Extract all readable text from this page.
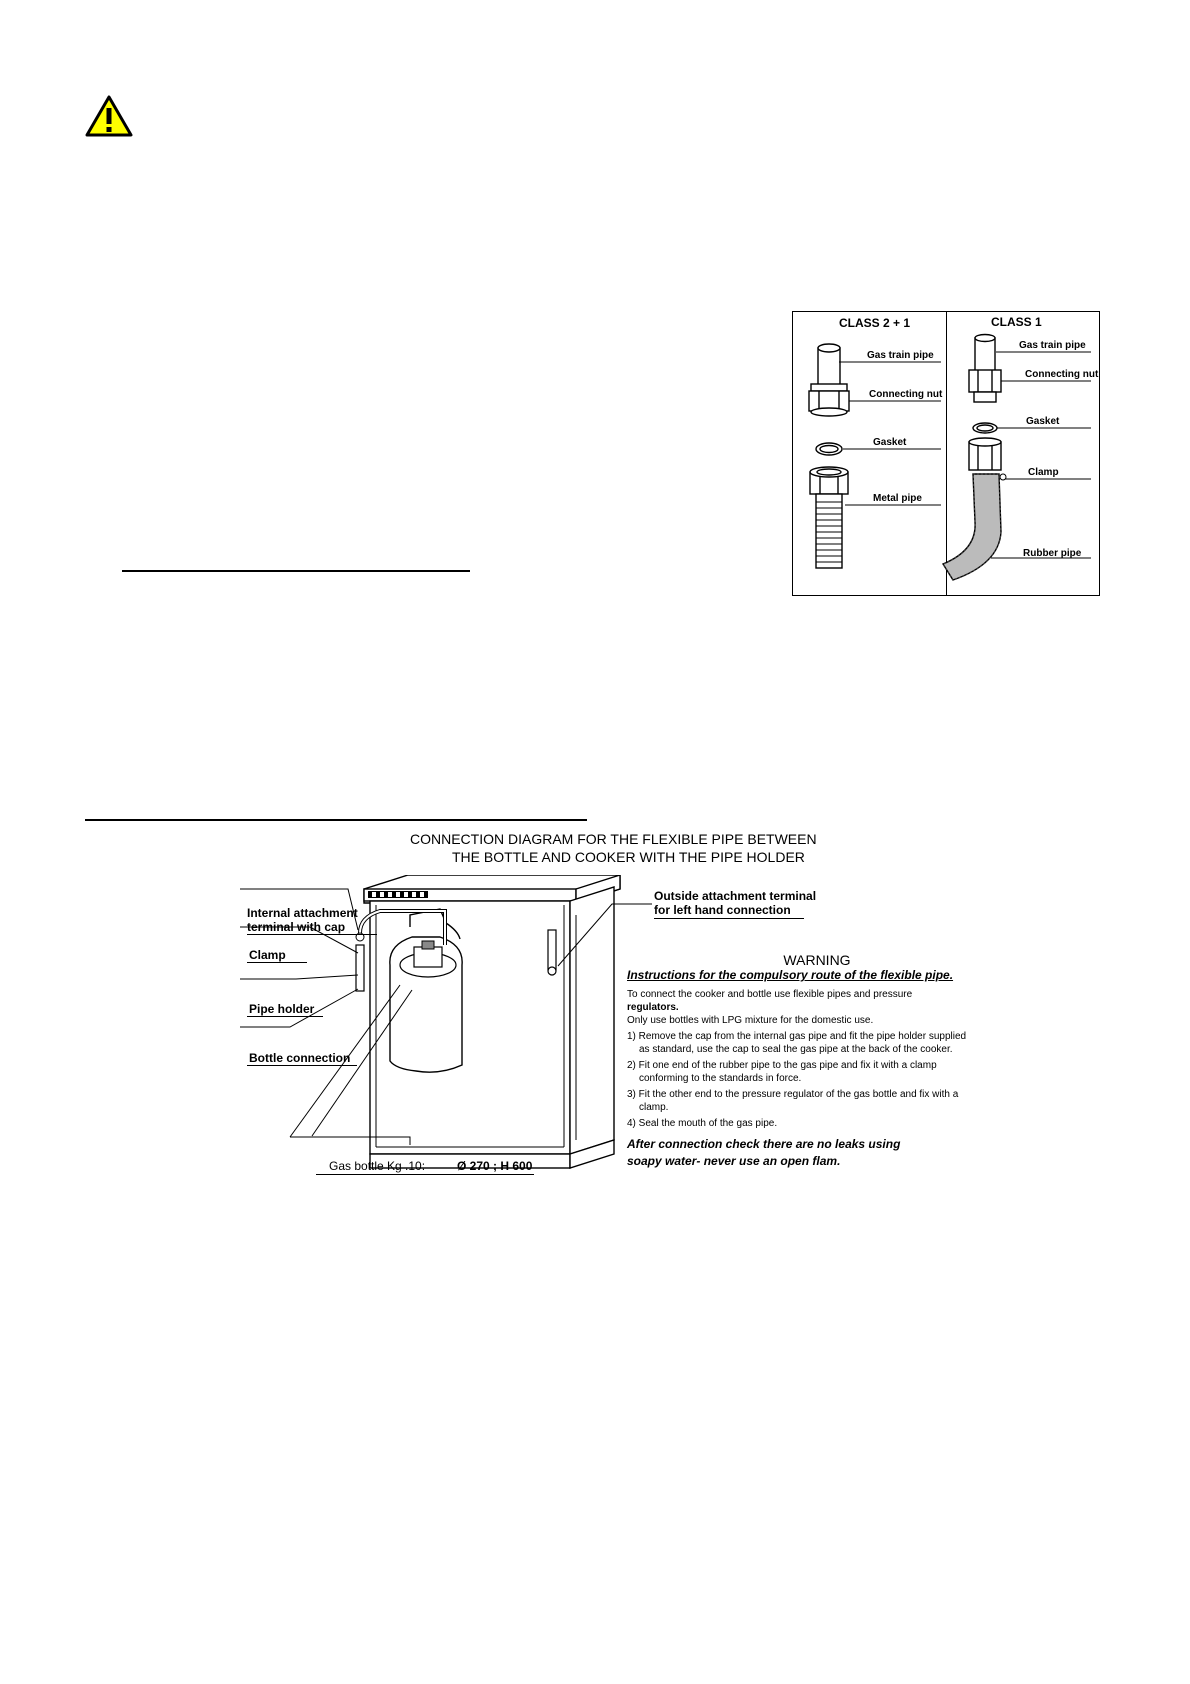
CLASS 2 + 1
Gas train pipe
Connecting nut
Gasket
Metal pipe
CLASS 1
Gas train pipe
Connecting nut
Gasket
Clamp
Rubber pipe
CONNECTION DIAGRAM FOR THE FLEXIBLE PIPE BETWEEN
THE BOTTLE AND COOKER WITH THE PIPE HOLDER
Internal attachment
terminal with cap
Clamp
Pipe holder
Bottle connection
Outside attachment terminal
for left hand connection
Gas bottle Kg .10:	Ø 270 ; H 600
WARNING
Instructions for the compulsory route of the flexible pipe.

To connect the cooker and bottle use flexible pipes and pressure

regulators.

Only use bottles with LPG mixture for the domestic use.

1) Remove the cap from the internal gas pipe and fit the pipe holder supplied as standard, use the cap to seal the gas pipe at the back of the cooker.

2) Fit one end of the rubber pipe to the gas pipe and fix it with a clamp conforming to the standards in force.

3) Fit the other end to the pressure regulator of the gas bottle and fix with a clamp.

4) Seal the mouth of the gas pipe.

After connection check there are no leaks using

soapy water- never use an open flam.
